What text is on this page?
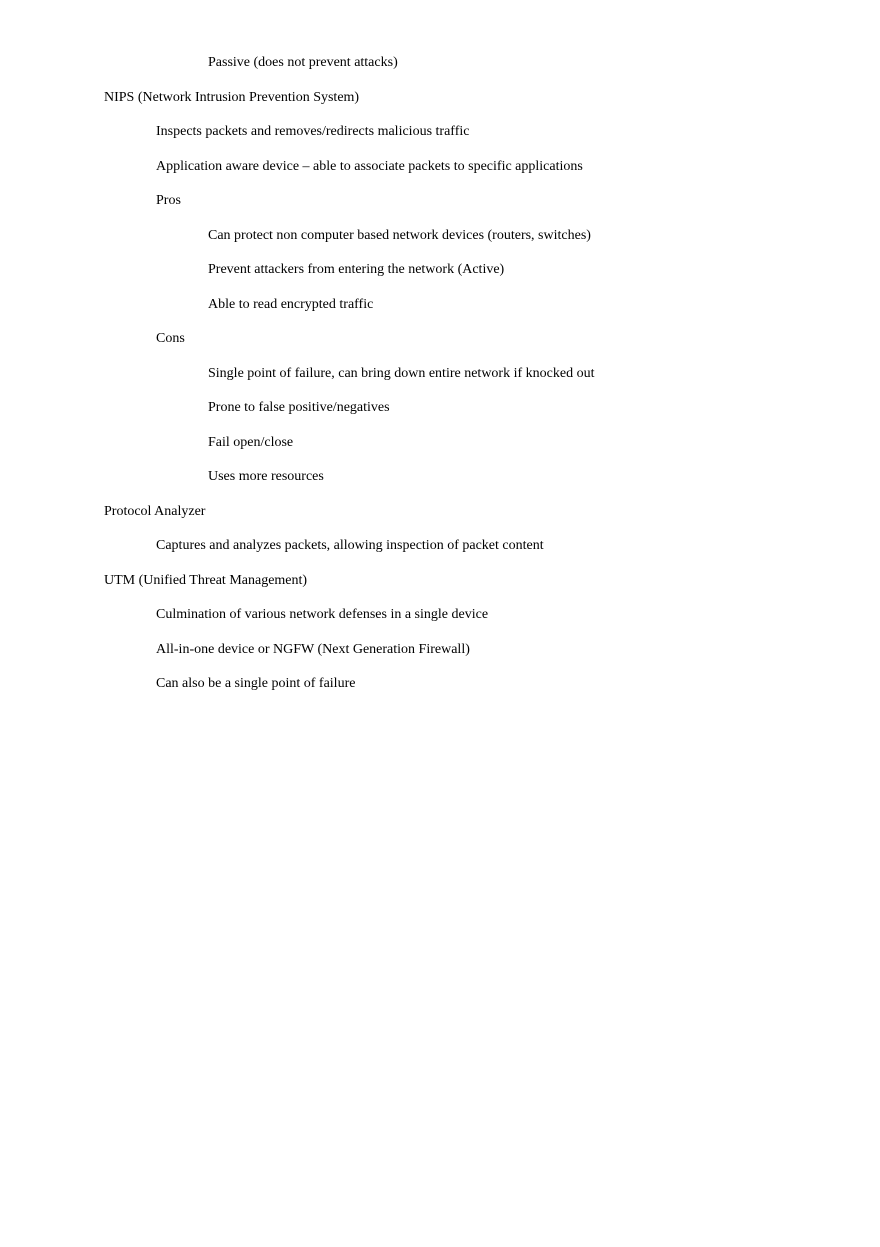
Passive (does not prevent attacks)
NIPS (Network Intrusion Prevention System)
Inspects packets and removes/redirects malicious traffic
Application aware device – able to associate packets to specific applications
Pros
Can protect non computer based network devices (routers, switches)
Prevent attackers from entering the network (Active)
Able to read encrypted traffic
Cons
Single point of failure, can bring down entire network if knocked out
Prone to false positive/negatives
Fail open/close
Uses more resources
Protocol Analyzer
Captures and analyzes packets, allowing inspection of packet content
UTM (Unified Threat Management)
Culmination of various network defenses in a single device
All-in-one device or NGFW (Next Generation Firewall)
Can also be a single point of failure
